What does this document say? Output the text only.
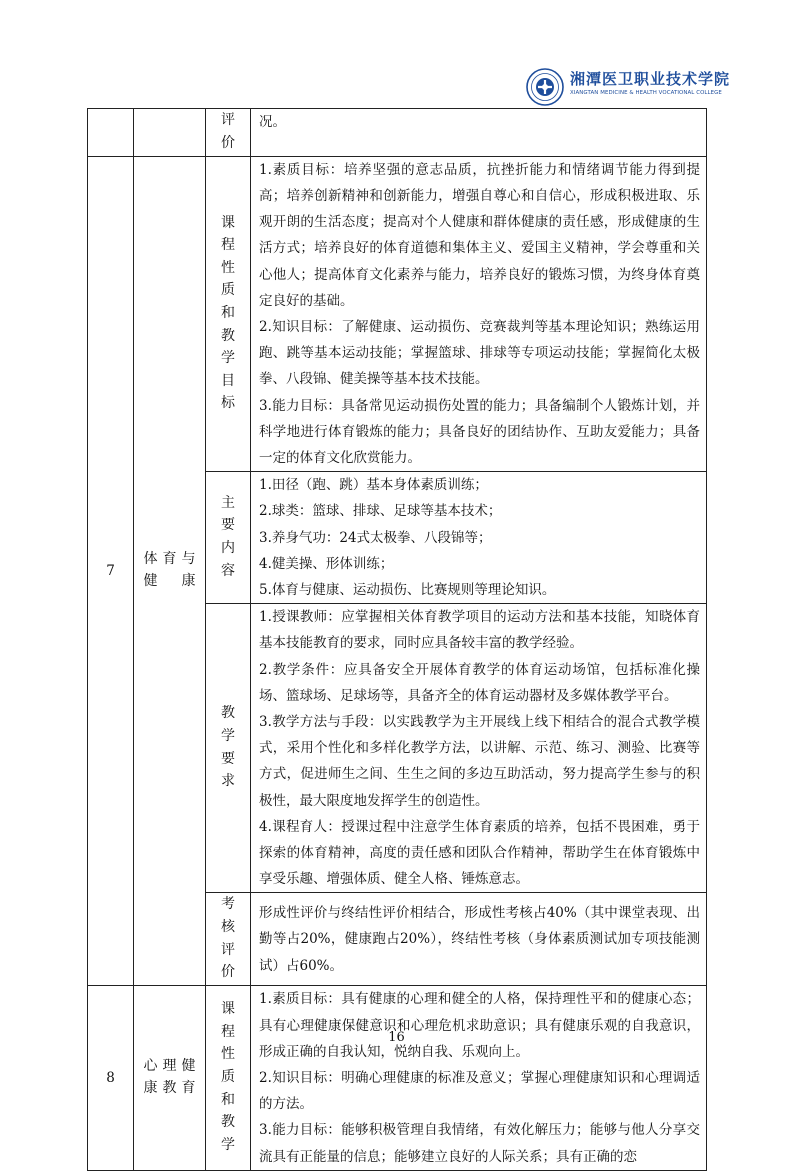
湘潭医卫职业技术学院
XIANGTAN MEDICINE & HEALTH VOCATIONAL COLLEGE
		评价	况。

7	体育与健康	课程性质和教学目标	1.素质目标：培养坚强的意志品质，抗挫折能力和情绪调节能力得到提高；培养创新精神和创新能力，增强自尊心和自信心，形成积极进取、乐观开朗的生活态度；提高对个人健康和群体健康的责任感，形成健康的生活方式；培养良好的体育道德和集体主义、爱国主义精神，学会尊重和关心他人；提高体育文化素养与能力，培养良好的锻炼习惯，为终身体育奠定良好的基础。
2.知识目标：了解健康、运动损伤、竞赛裁判等基本理论知识；熟练运用跑、跳等基本运动技能；掌握篮球、排球等专项运动技能；掌握简化太极拳、八段锦、健美操等基本技术技能。
3.能力目标：具备常见运动损伤处置的能力；具备编制个人锻炼计划，并科学地进行体育锻炼的能力；具备良好的团结协作、互助友爱能力；具备一定的体育文化欣赏能力。

		主要内容	1.田径（跑、跳）基本身体素质训练；
2.球类：篮球、排球、足球等基本技术；
3.养身气功：24式太极拳、八段锦等；
4.健美操、形体训练；
5.体育与健康、运动损伤、比赛规则等理论知识。

		教学要求	1.授课教师：应掌握相关体育教学项目的运动方法和基本技能，知晓体育基本技能教育的要求，同时应具备较丰富的教学经验。
2.教学条件：应具备安全开展体育教学的体育运动场馆，包括标准化操场、篮球场、足球场等，具备齐全的体育运动器材及多媒体教学平台。
3.教学方法与手段：以实践教学为主开展线上线下相结合的混合式教学模式，采用个性化和多样化教学方法，以讲解、示范、练习、测验、比赛等方式，促进师生之间、生生之间的多边互助活动，努力提高学生参与的积极性，最大限度地发挥学生的创造性。
4.课程育人：授课过程中注意学生体育素质的培养，包括不畏困难，勇于探索的体育精神，高度的责任感和团队合作精神，帮助学生在体育锻炼中享受乐趣、增强体质、健全人格、锤炼意志。

		考核评价	形成性评价与终结性评价相结合，形成性考核占40%（其中课堂表现、出勤等占20%，健康跑占20%），终结性考核（身体素质测试加专项技能测试）占60%。

8	心理健康教育	课程性质和教学	1.素质目标：具有健康的心理和健全的人格，保持理性平和的健康心态；具有心理健康保健意识和心理危机求助意识；具有健康乐观的自我意识，形成正确的自我认知，悦纳自我、乐观向上。
2.知识目标：明确心理健康的标准及意义；掌握心理健康知识和心理调适的方法。
3.能力目标：能够积极管理自我情绪，有效化解压力；能够与他人分享交流具有正能量的信息；能够建立良好的人际关系；具有正确的恋
16
